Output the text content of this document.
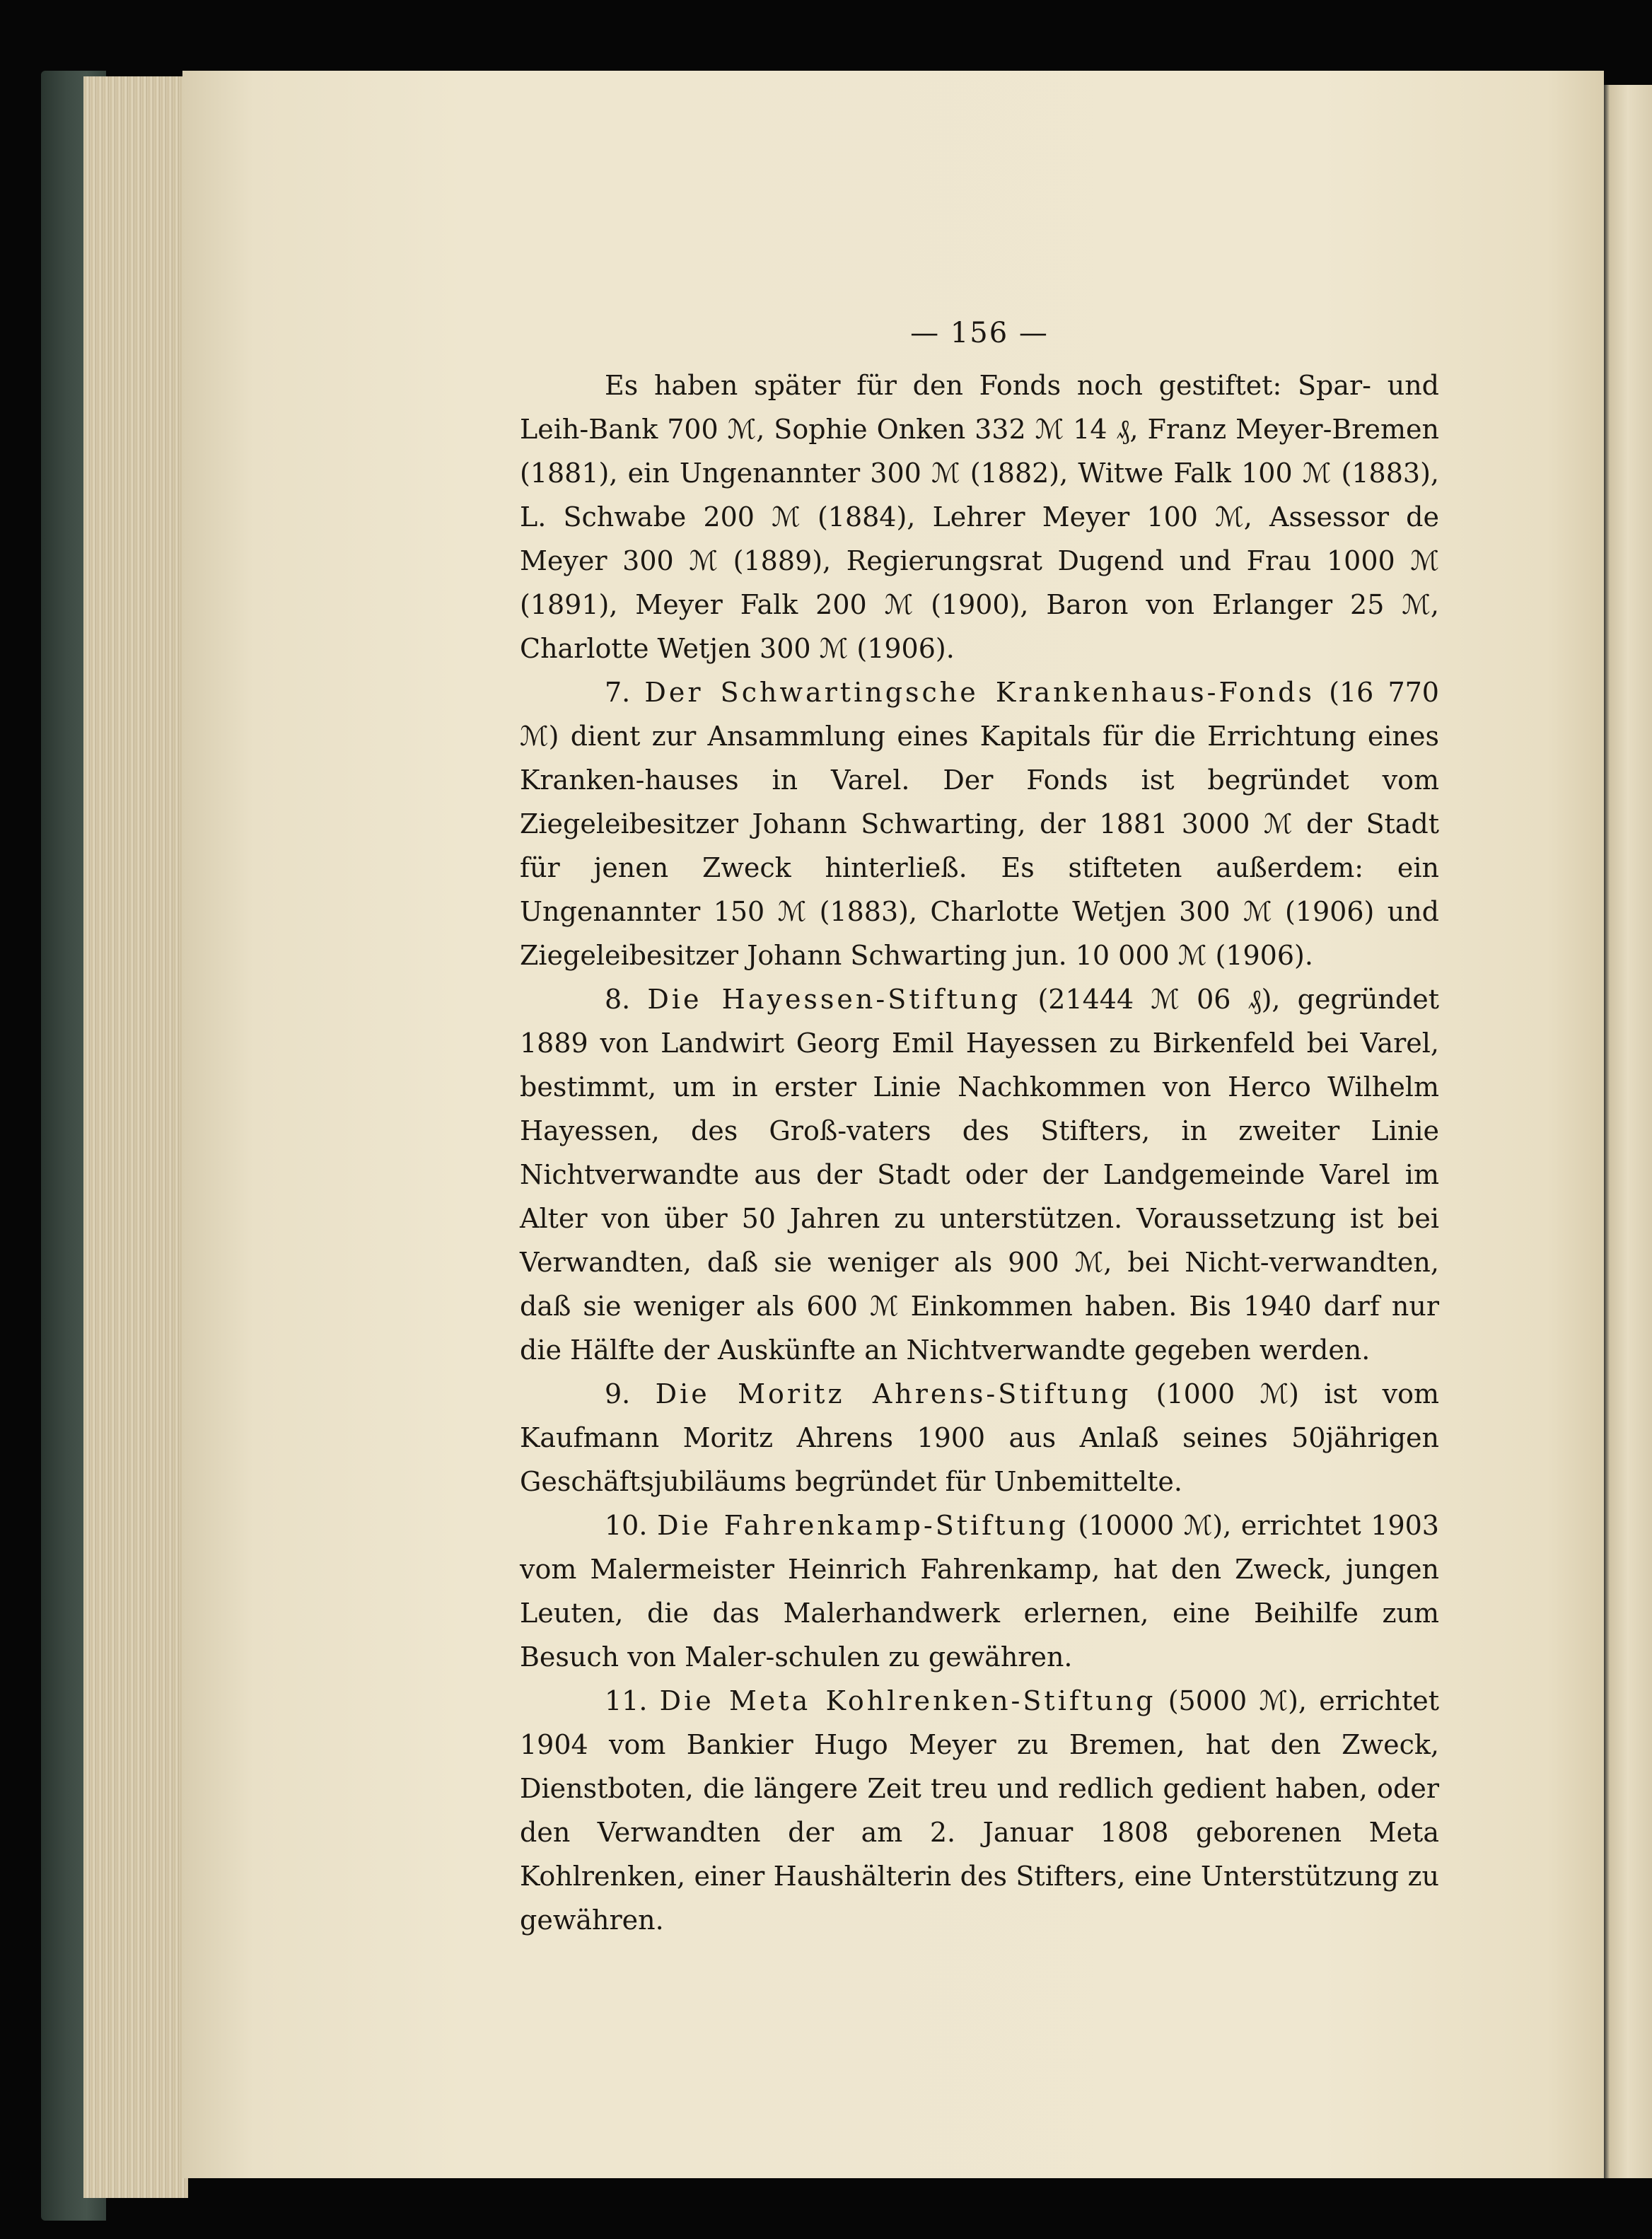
— 156 —

Es haben später für den Fonds noch gestiftet: Spar- und Leih-Bank 700 ℳ, Sophie Onken 332 ℳ 14 ₰, Franz Meyer-Bremen (1881), ein Ungenannter 300 ℳ (1882), Witwe Falk 100 ℳ (1883), L. Schwabe 200 ℳ (1884), Lehrer Meyer 100 ℳ, Assessor de Meyer 300 ℳ (1889), Regierungsrat Dugend und Frau 1000 ℳ (1891), Meyer Falk 200 ℳ (1900), Baron von Erlanger 25 ℳ, Charlotte Wetjen 300 ℳ (1906).

7. Der Schwartingsche Krankenhaus-Fonds (16 770 ℳ) dient zur Ansammlung eines Kapitals für die Errichtung eines Kranken-hauses in Varel. Der Fonds ist begründet vom Ziegeleibesitzer Johann Schwarting, der 1881 3000 ℳ der Stadt für jenen Zweck hinterließ. Es stifteten außerdem: ein Ungenannter 150 ℳ (1883), Charlotte Wetjen 300 ℳ (1906) und Ziegeleibesitzer Johann Schwarting jun. 10 000 ℳ (1906).

8. Die Hayessen-Stiftung (21444 ℳ 06 ₰), gegründet 1889 von Landwirt Georg Emil Hayessen zu Birkenfeld bei Varel, bestimmt, um in erster Linie Nachkommen von Herco Wilhelm Hayessen, des Groß-vaters des Stifters, in zweiter Linie Nichtverwandte aus der Stadt oder der Landgemeinde Varel im Alter von über 50 Jahren zu unterstützen. Voraussetzung ist bei Verwandten, daß sie weniger als 900 ℳ, bei Nicht-verwandten, daß sie weniger als 600 ℳ Einkommen haben. Bis 1940 darf nur die Hälfte der Auskünfte an Nichtverwandte gegeben werden.

9. Die Moritz Ahrens-Stiftung (1000 ℳ) ist vom Kaufmann Moritz Ahrens 1900 aus Anlaß seines 50jährigen Geschäftsjubiläums begründet für Unbemittelte.

10. Die Fahrenkamp-Stiftung (10000 ℳ), errichtet 1903 vom Malermeister Heinrich Fahrenkamp, hat den Zweck, jungen Leuten, die das Malerhandwerk erlernen, eine Beihilfe zum Besuch von Maler-schulen zu gewähren.

11. Die Meta Kohlrenken-Stiftung (5000 ℳ), errichtet 1904 vom Bankier Hugo Meyer zu Bremen, hat den Zweck, Dienstboten, die längere Zeit treu und redlich gedient haben, oder den Verwandten der am 2. Januar 1808 geborenen Meta Kohlrenken, einer Haushälterin des Stifters, eine Unterstützung zu gewähren.
